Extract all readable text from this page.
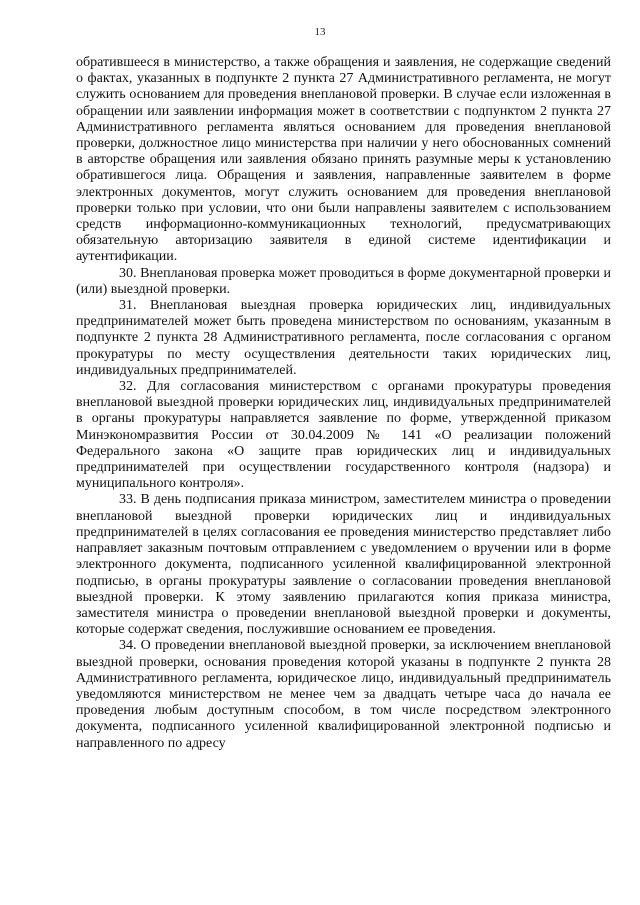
13

обратившееся в министерство, а также обращения и заявления, не содержащие сведений о фактах, указанных в подпункте 2 пункта 27 Административного регламента, не могут служить основанием для проведения внеплановой проверки. В случае если изложенная в обращении или заявлении информация может в соответствии с подпунктом 2 пункта 27 Административного регламента являться основанием для проведения внеплановой проверки, должностное лицо министерства при наличии у него обоснованных сомнений в авторстве обращения или заявления обязано принять разумные меры к установлению обратившегося лица. Обращения и заявления, направленные заявителем в форме электронных документов, могут служить основанием для проведения внеплановой проверки только при условии, что они были направлены заявителем с использованием средств информационно-коммуникационных технологий, предусматривающих обязательную авторизацию заявителя в единой системе идентификации и аутентификации.

30. Внеплановая проверка может проводиться в форме документарной проверки и (или) выездной проверки.

31. Внеплановая выездная проверка юридических лиц, индивидуальных предпринимателей может быть проведена министерством по основаниям, указанным в подпункте 2 пункта 28 Административного регламента, после согласования с органом прокуратуры по месту осуществления деятельности таких юридических лиц, индивидуальных предпринимателей.

32. Для согласования министерством с органами прокуратуры проведения внеплановой выездной проверки юридических лиц, индивидуальных предпринимателей в органы прокуратуры направляется заявление по форме, утвержденной приказом Минэкономразвития России от 30.04.2009 № 141 «О реализации положений Федерального закона «О защите прав юридических лиц и индивидуальных предпринимателей при осуществлении государственного контроля (надзора) и муниципального контроля».

33. В день подписания приказа министром, заместителем министра о проведении внеплановой выездной проверки юридических лиц и индивидуальных предпринимателей в целях согласования ее проведения министерство представляет либо направляет заказным почтовым отправлением с уведомлением о вручении или в форме электронного документа, подписанного усиленной квалифицированной электронной подписью, в органы прокуратуры заявление о согласовании проведения внеплановой выездной проверки. К этому заявлению прилагаются копия приказа министра, заместителя министра о проведении внеплановой выездной проверки и документы, которые содержат сведения, послужившие основанием ее проведения.

34. О проведении внеплановой выездной проверки, за исключением внеплановой выездной проверки, основания проведения которой указаны в подпункте 2 пункта 28 Административного регламента, юридическое лицо, индивидуальный предприниматель уведомляются министерством не менее чем за двадцать четыре часа до начала ее проведения любым доступным способом, в том числе посредством электронного документа, подписанного усиленной квалифицированной электронной подписью и направленного по адресу
